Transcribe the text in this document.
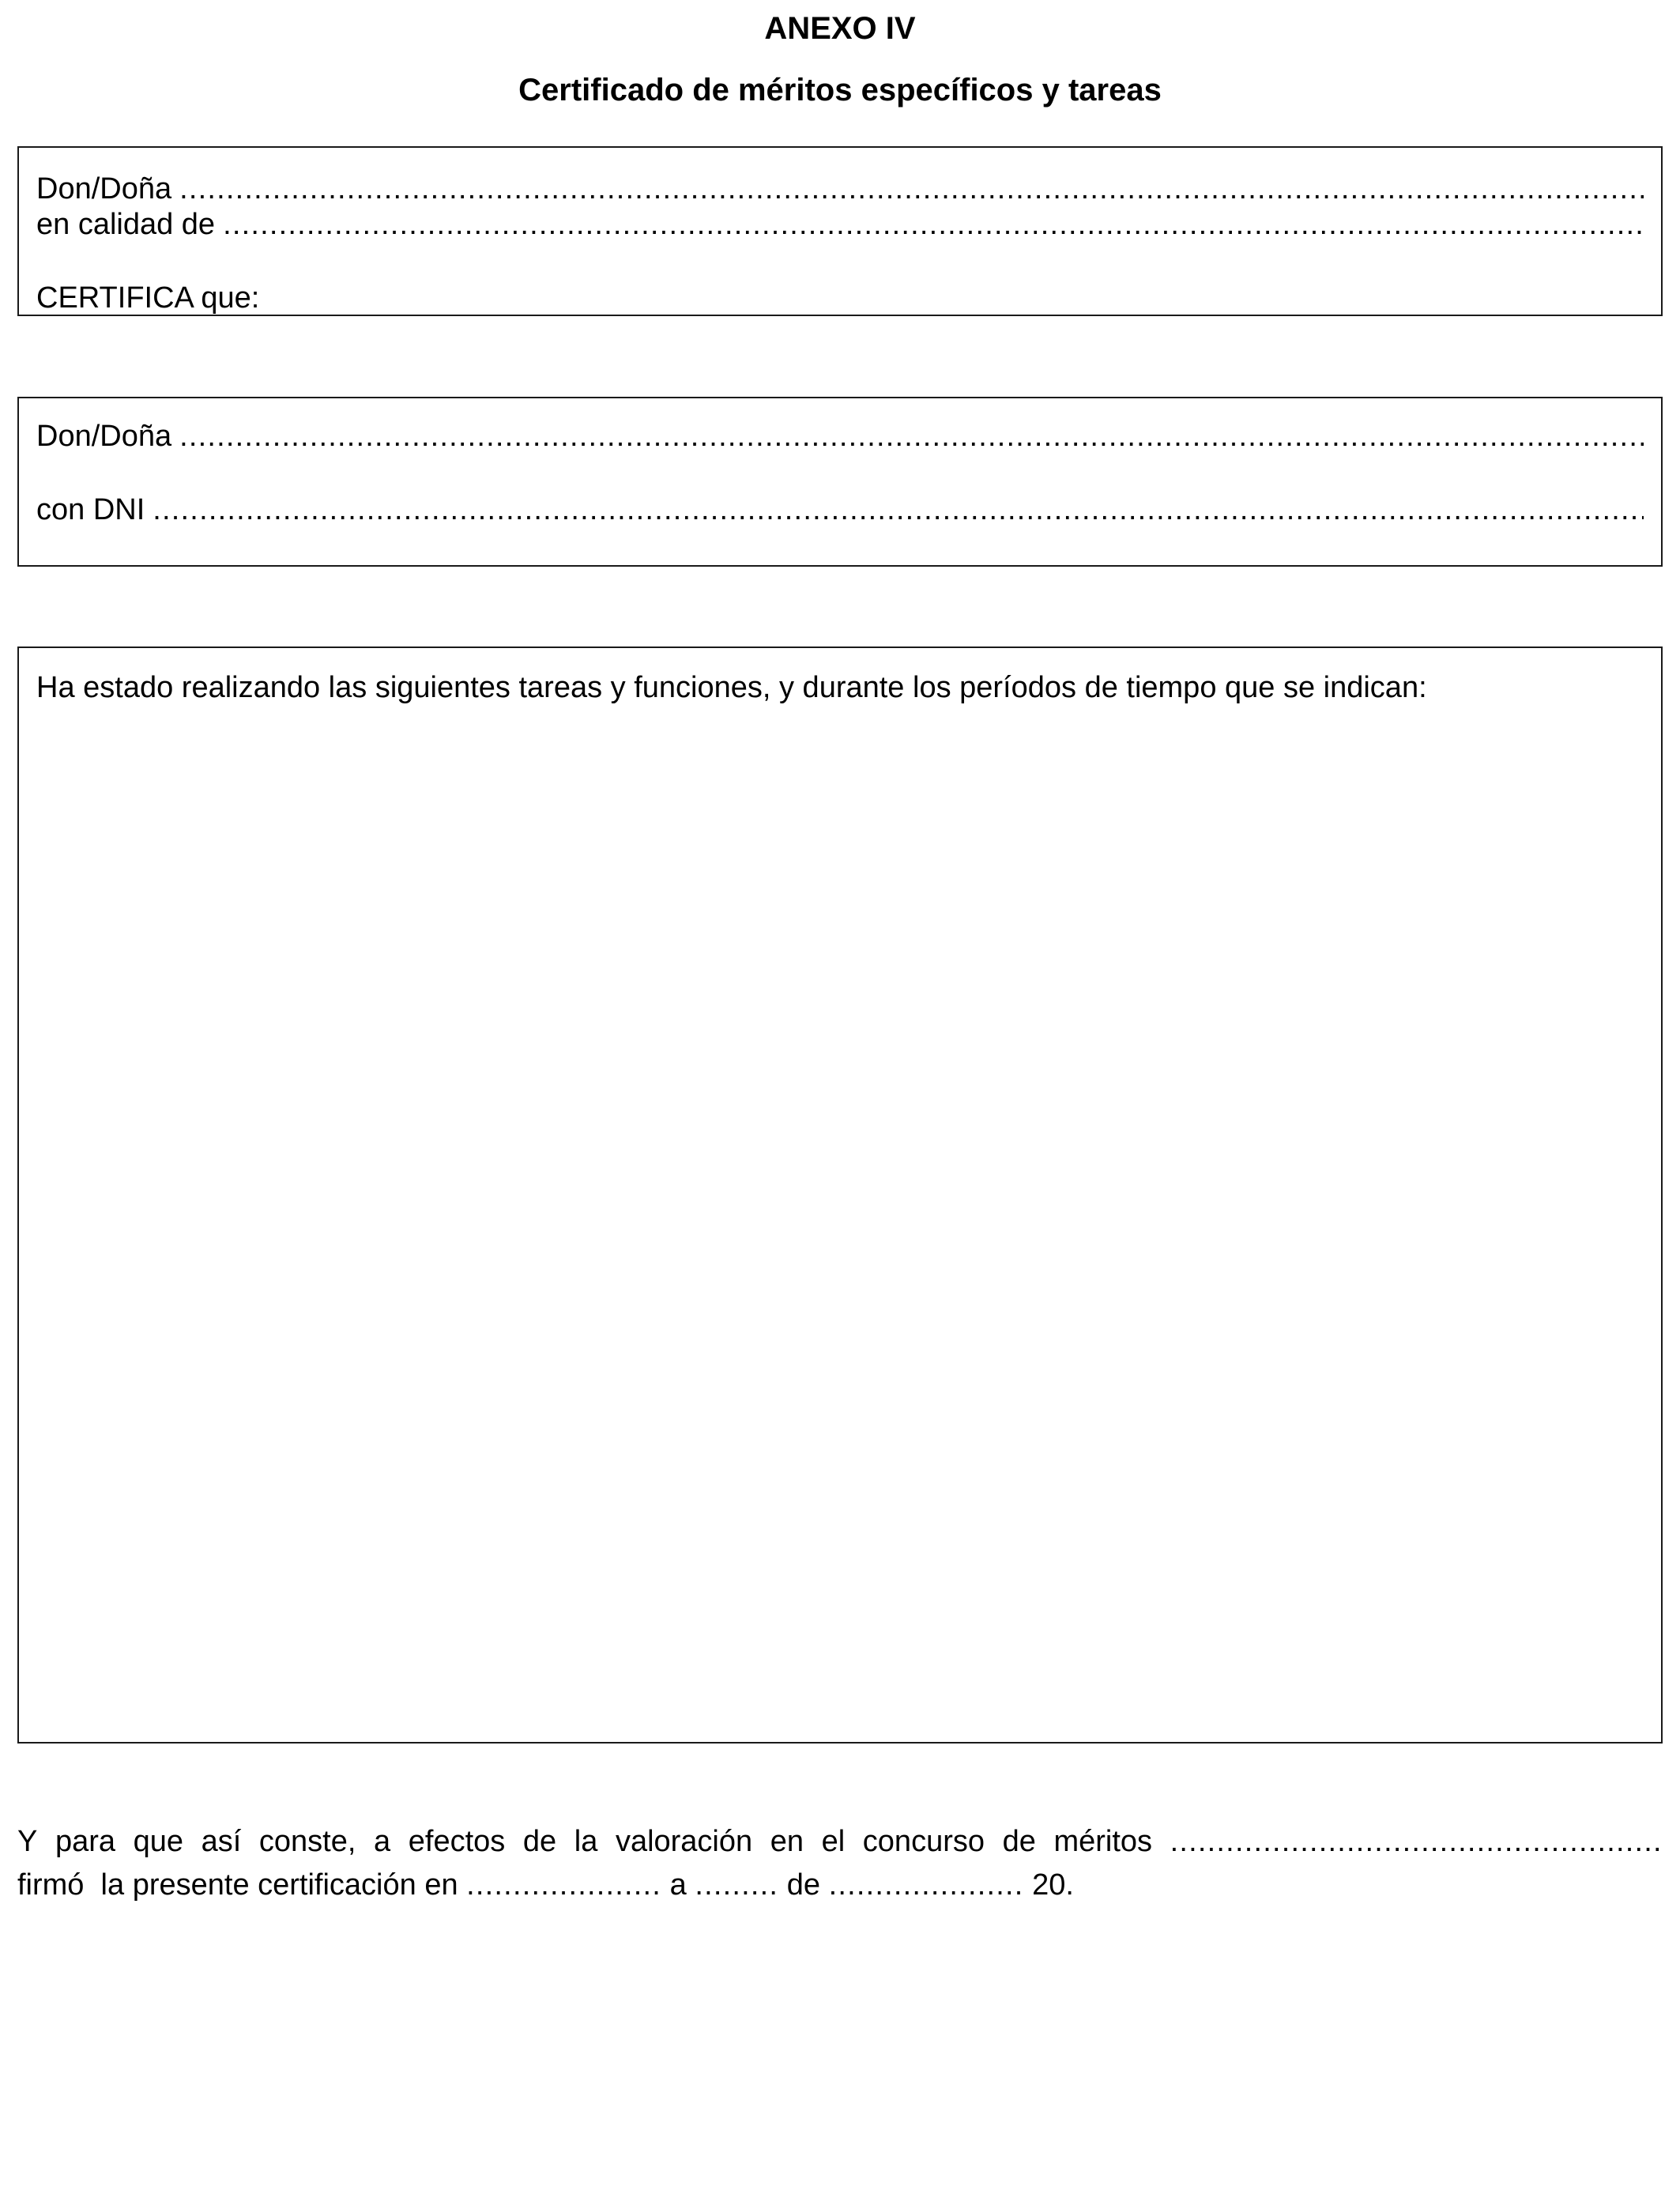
ANEXO IV
Certificado de méritos específicos y tareas
Don/Doña
.....
en calidad de
.....
CERTIFICA que:
Don/Doña
.....
con DNI
.....
Ha estado realizando las siguientes tareas y funciones, y durante los períodos de tiempo que se indican:
Y para que así conste, a efectos de la valoración en el concurso de méritos .....................................................
firmó  la presente certificación en ..................... a ......... de ..................... 20.
